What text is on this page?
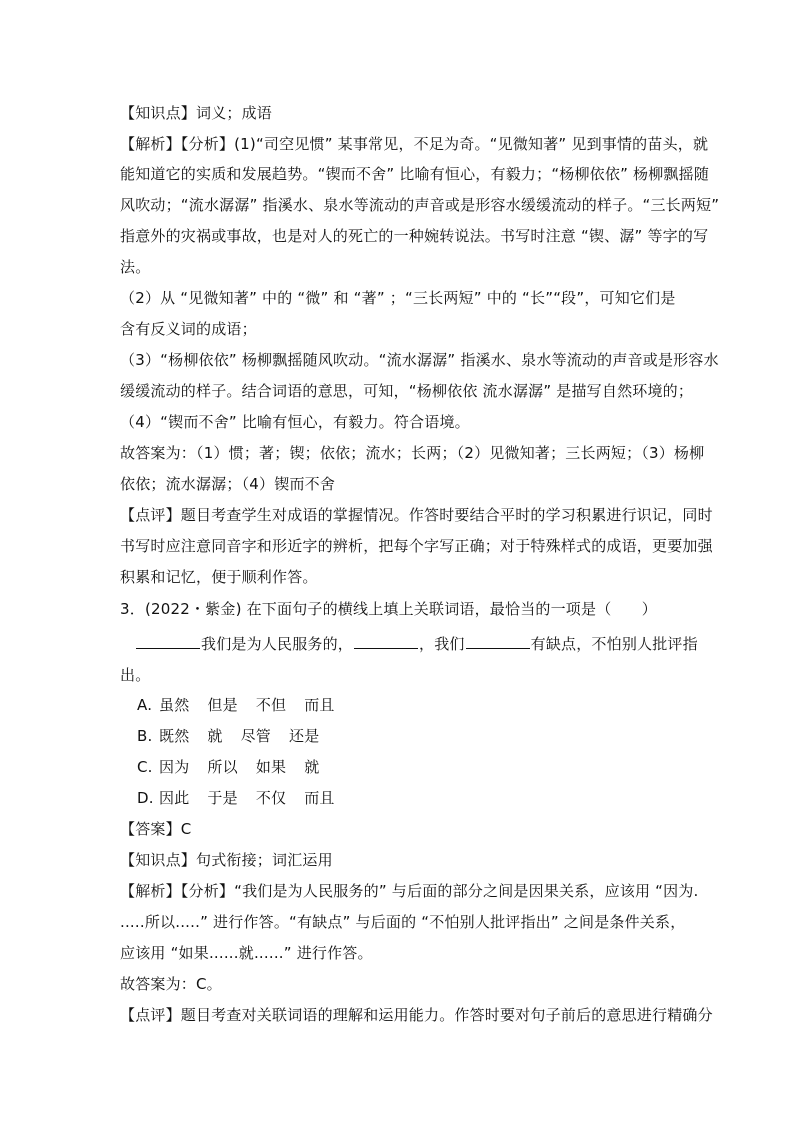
【知识点】词义；成语
【解析】【分析】(1)“司空见惯” 某事常见，不足为奇。“见微知著” 见到事情的苗头，就
能知道它的实质和发展趋势。“锲而不舍” 比喻有恒心，有毅力；“杨柳依依” 杨柳飘摇随
风吹动；“流水潺潺” 指溪水、泉水等流动的声音或是形容水缓缓流动的样子。“三长两短”
指意外的灾祸或事故，也是对人的死亡的一种婉转说法。书写时注意 “锲、潺” 等字的写
法。
（2）从 “见微知著” 中的 “微” 和 “著” ；“三长两短” 中的 “长”“段”，可知它们是
含有反义词的成语；
（3）“杨柳依依” 杨柳飘摇随风吹动。“流水潺潺” 指溪水、泉水等流动的声音或是形容水
缓缓流动的样子。结合词语的意思，可知，“杨柳依依 流水潺潺” 是描写自然环境的；
（4）“锲而不舍” 比喻有恒心，有毅力。符合语境。
故答案为：（1）惯；著；锲；依依；流水；长两；（2）见微知著；三长两短；（3）杨柳
依依；流水潺潺；（4）锲而不舍
【点评】题目考查学生对成语的掌握情况。作答时要结合平时的学习积累进行识记，同时
书写时应注意同音字和形近字的辨析，把每个字写正确；对于特殊样式的成语，更要加强
积累和记忆，便于顺利作答。
3．(2022・紫金) 在下面句子的横线上填上关联词语，最恰当的一项是（　　）
我们是为人民服务的，	，我们	有缺点，不怕别人批评指
出。
A. 虽然 但是 不但 而且
B. 既然 就 尽管 还是
C. 因为 所以 如果 就
D. 因此 于是 不仅 而且
【答案】C
【知识点】句式衔接；词汇运用
【解析】【分析】“我们是为人民服务的” 与后面的部分之间是因果关系，应该用 “因为.
.....所以.....” 进行作答。“有缺点” 与后面的 “不怕别人批评指出” 之间是条件关系，
应该用 “如果......就......” 进行作答。
故答案为：C。
【点评】题目考查对关联词语的理解和运用能力。作答时要对句子前后的意思进行精确分
